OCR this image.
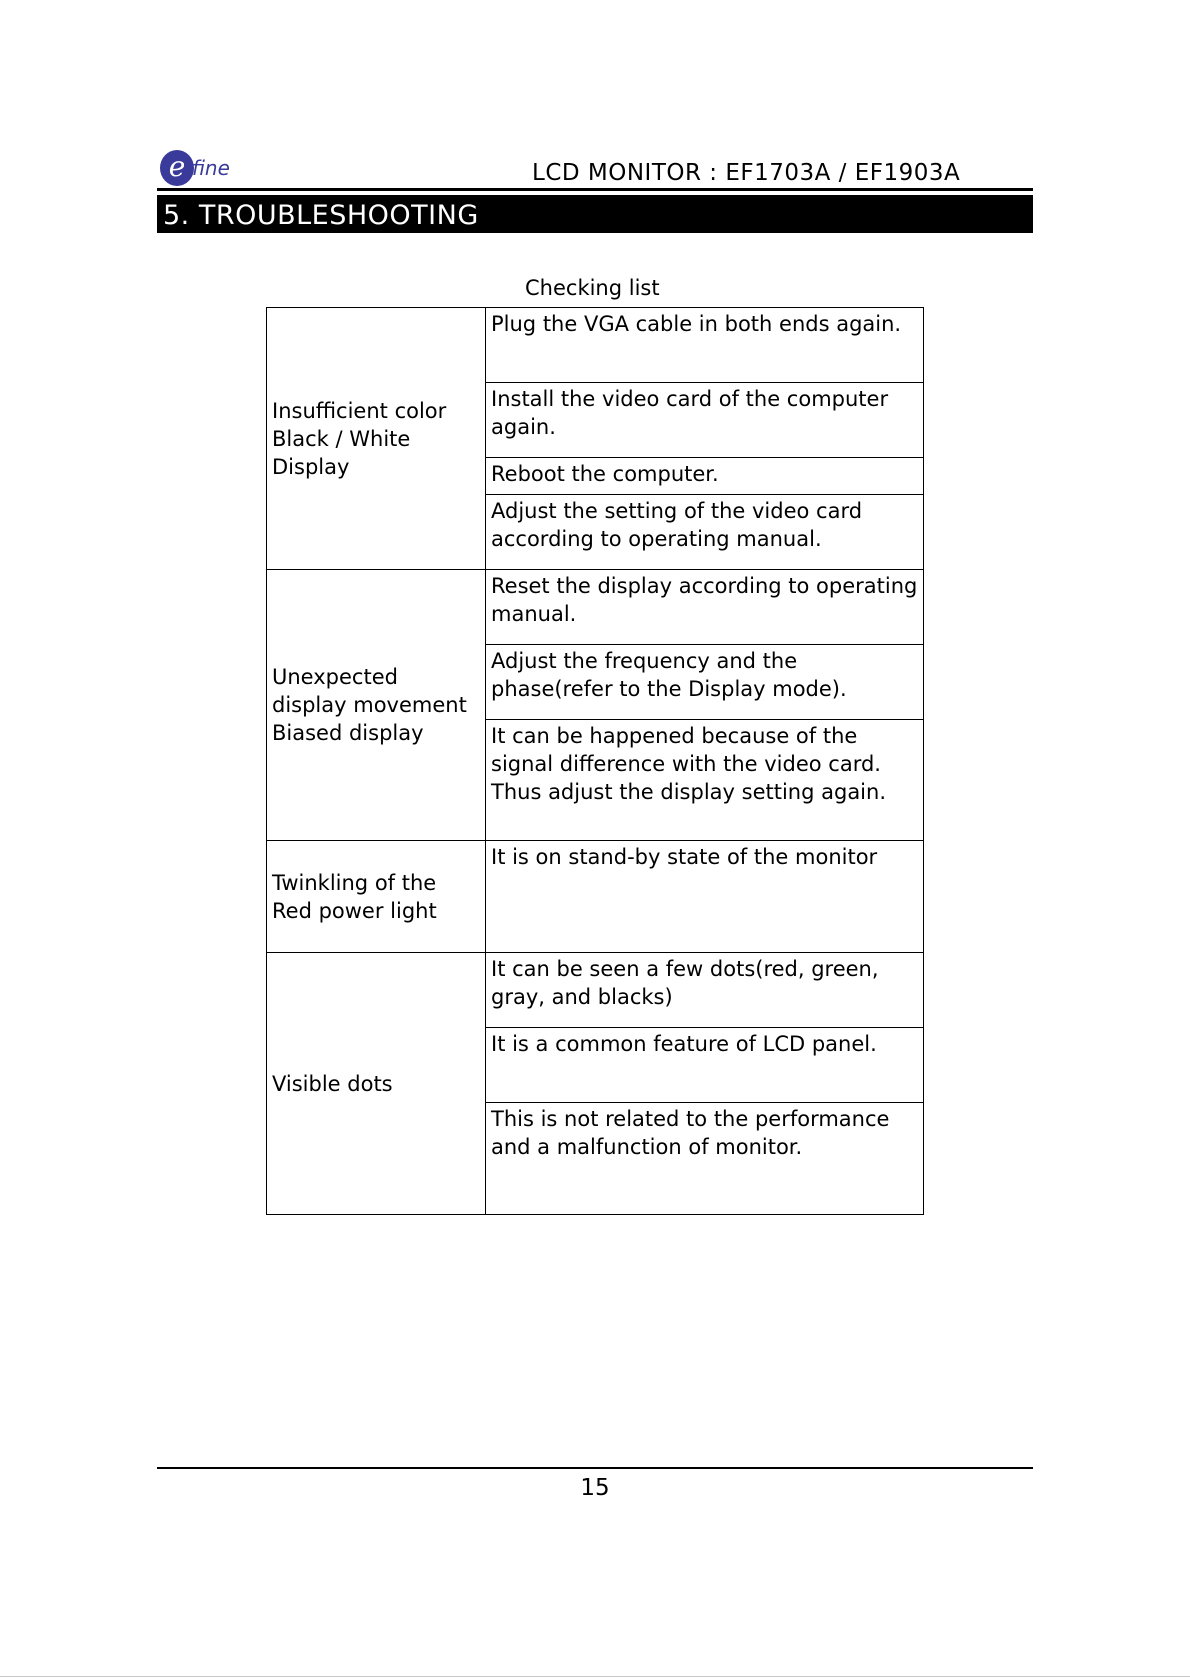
e fine	LCD MONITOR : EF1703A / EF1903A
5. TROUBLESHOOTING
Checking list
Insufficient color
Black / White
Display	Plug the VGA cable in both ends again.
	Install the video card of the computer again.
	Reboot the computer.
	Adjust the setting of the video card according to operating manual.

Unexpected
display movement
Biased display	Reset the display according to operating manual.
	Adjust the frequency and the phase(refer to the Display mode).
	It can be happened because of the signal difference with the video card. Thus adjust the display setting again.

Twinkling of the
Red power light	It is on stand-by state of the monitor

Visible dots	It can be seen a few dots(red, green, gray, and blacks)
	It is a common feature of LCD panel.
	This is not related to the performance and a malfunction of monitor.
15
